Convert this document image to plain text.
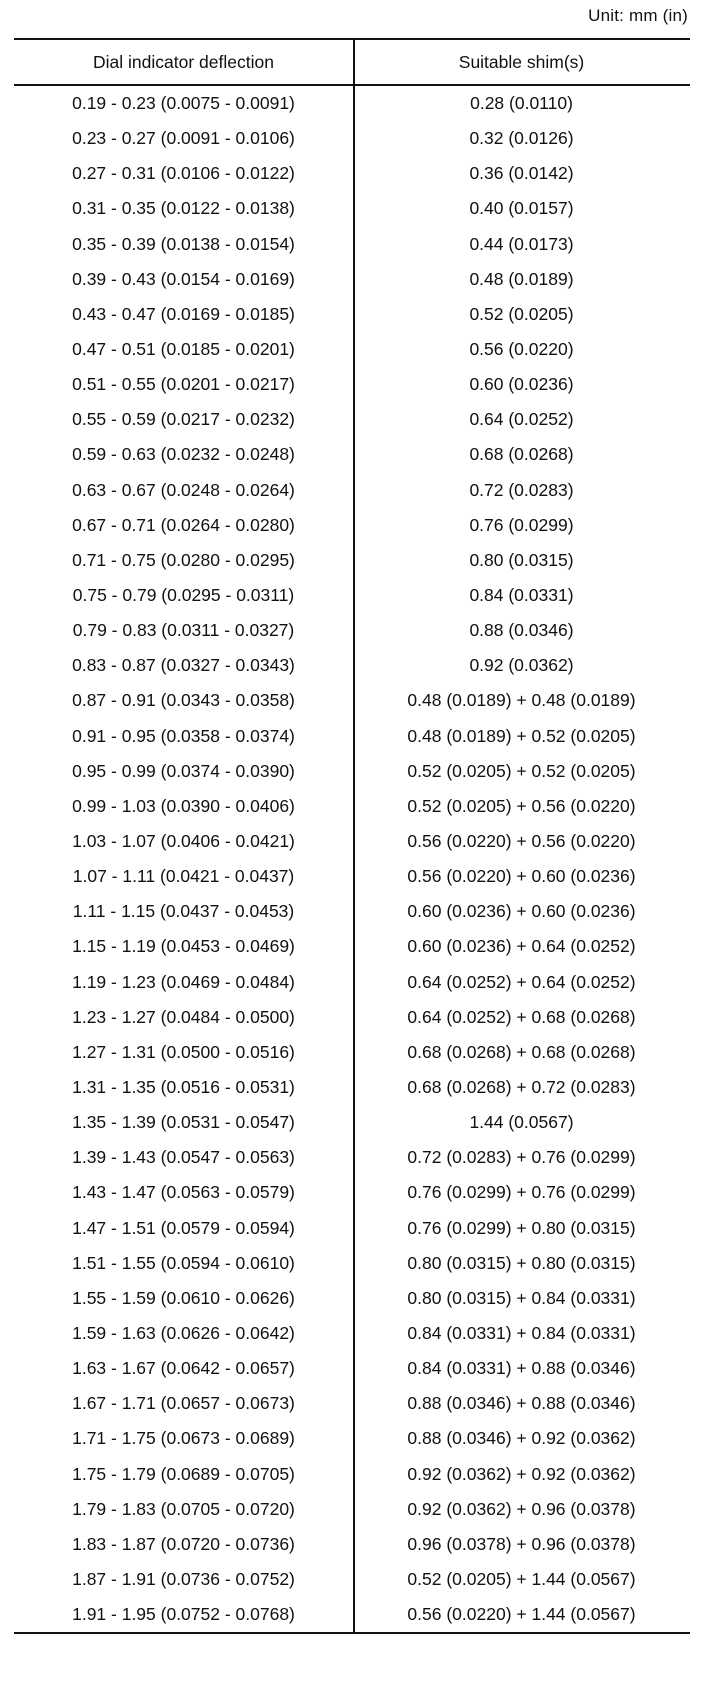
Unit: mm (in)
Dial indicator deflection	Suitable shim(s)
0.19 - 0.23 (0.0075 - 0.0091)	0.28 (0.0110)
0.23 - 0.27 (0.0091 - 0.0106)	0.32 (0.0126)
0.27 - 0.31 (0.0106 - 0.0122)	0.36 (0.0142)
0.31 - 0.35 (0.0122 - 0.0138)	0.40 (0.0157)
0.35 - 0.39 (0.0138 - 0.0154)	0.44 (0.0173)
0.39 - 0.43 (0.0154 - 0.0169)	0.48 (0.0189)
0.43 - 0.47 (0.0169 - 0.0185)	0.52 (0.0205)
0.47 - 0.51 (0.0185 - 0.0201)	0.56 (0.0220)
0.51 - 0.55 (0.0201 - 0.0217)	0.60 (0.0236)
0.55 - 0.59 (0.0217 - 0.0232)	0.64 (0.0252)
0.59 - 0.63 (0.0232 - 0.0248)	0.68 (0.0268)
0.63 - 0.67 (0.0248 - 0.0264)	0.72 (0.0283)
0.67 - 0.71 (0.0264 - 0.0280)	0.76 (0.0299)
0.71 - 0.75 (0.0280 - 0.0295)	0.80 (0.0315)
0.75 - 0.79 (0.0295 - 0.0311)	0.84 (0.0331)
0.79 - 0.83 (0.0311 - 0.0327)	0.88 (0.0346)
0.83 - 0.87 (0.0327 - 0.0343)	0.92 (0.0362)
0.87 - 0.91 (0.0343 - 0.0358)	0.48 (0.0189) + 0.48 (0.0189)
0.91 - 0.95 (0.0358 - 0.0374)	0.48 (0.0189) + 0.52 (0.0205)
0.95 - 0.99 (0.0374 - 0.0390)	0.52 (0.0205) + 0.52 (0.0205)
0.99 - 1.03 (0.0390 - 0.0406)	0.52 (0.0205) + 0.56 (0.0220)
1.03 - 1.07 (0.0406 - 0.0421)	0.56 (0.0220) + 0.56 (0.0220)
1.07 - 1.11 (0.0421 - 0.0437)	0.56 (0.0220) + 0.60 (0.0236)
1.11 - 1.15 (0.0437 - 0.0453)	0.60 (0.0236) + 0.60 (0.0236)
1.15 - 1.19 (0.0453 - 0.0469)	0.60 (0.0236) + 0.64 (0.0252)
1.19 - 1.23 (0.0469 - 0.0484)	0.64 (0.0252) + 0.64 (0.0252)
1.23 - 1.27 (0.0484 - 0.0500)	0.64 (0.0252) + 0.68 (0.0268)
1.27 - 1.31 (0.0500 - 0.0516)	0.68 (0.0268) + 0.68 (0.0268)
1.31 - 1.35 (0.0516 - 0.0531)	0.68 (0.0268) + 0.72 (0.0283)
1.35 - 1.39 (0.0531 - 0.0547)	1.44 (0.0567)
1.39 - 1.43 (0.0547 - 0.0563)	0.72 (0.0283) + 0.76 (0.0299)
1.43 - 1.47 (0.0563 - 0.0579)	0.76 (0.0299) + 0.76 (0.0299)
1.47 - 1.51 (0.0579 - 0.0594)	0.76 (0.0299) + 0.80 (0.0315)
1.51 - 1.55 (0.0594 - 0.0610)	0.80 (0.0315) + 0.80 (0.0315)
1.55 - 1.59 (0.0610 - 0.0626)	0.80 (0.0315) + 0.84 (0.0331)
1.59 - 1.63 (0.0626 - 0.0642)	0.84 (0.0331) + 0.84 (0.0331)
1.63 - 1.67 (0.0642 - 0.0657)	0.84 (0.0331) + 0.88 (0.0346)
1.67 - 1.71 (0.0657 - 0.0673)	0.88 (0.0346) + 0.88 (0.0346)
1.71 - 1.75 (0.0673 - 0.0689)	0.88 (0.0346) + 0.92 (0.0362)
1.75 - 1.79 (0.0689 - 0.0705)	0.92 (0.0362) + 0.92 (0.0362)
1.79 - 1.83 (0.0705 - 0.0720)	0.92 (0.0362) + 0.96 (0.0378)
1.83 - 1.87 (0.0720 - 0.0736)	0.96 (0.0378) + 0.96 (0.0378)
1.87 - 1.91 (0.0736 - 0.0752)	0.52 (0.0205) + 1.44 (0.0567)
1.91 - 1.95 (0.0752 - 0.0768)	0.56 (0.0220) + 1.44 (0.0567)
